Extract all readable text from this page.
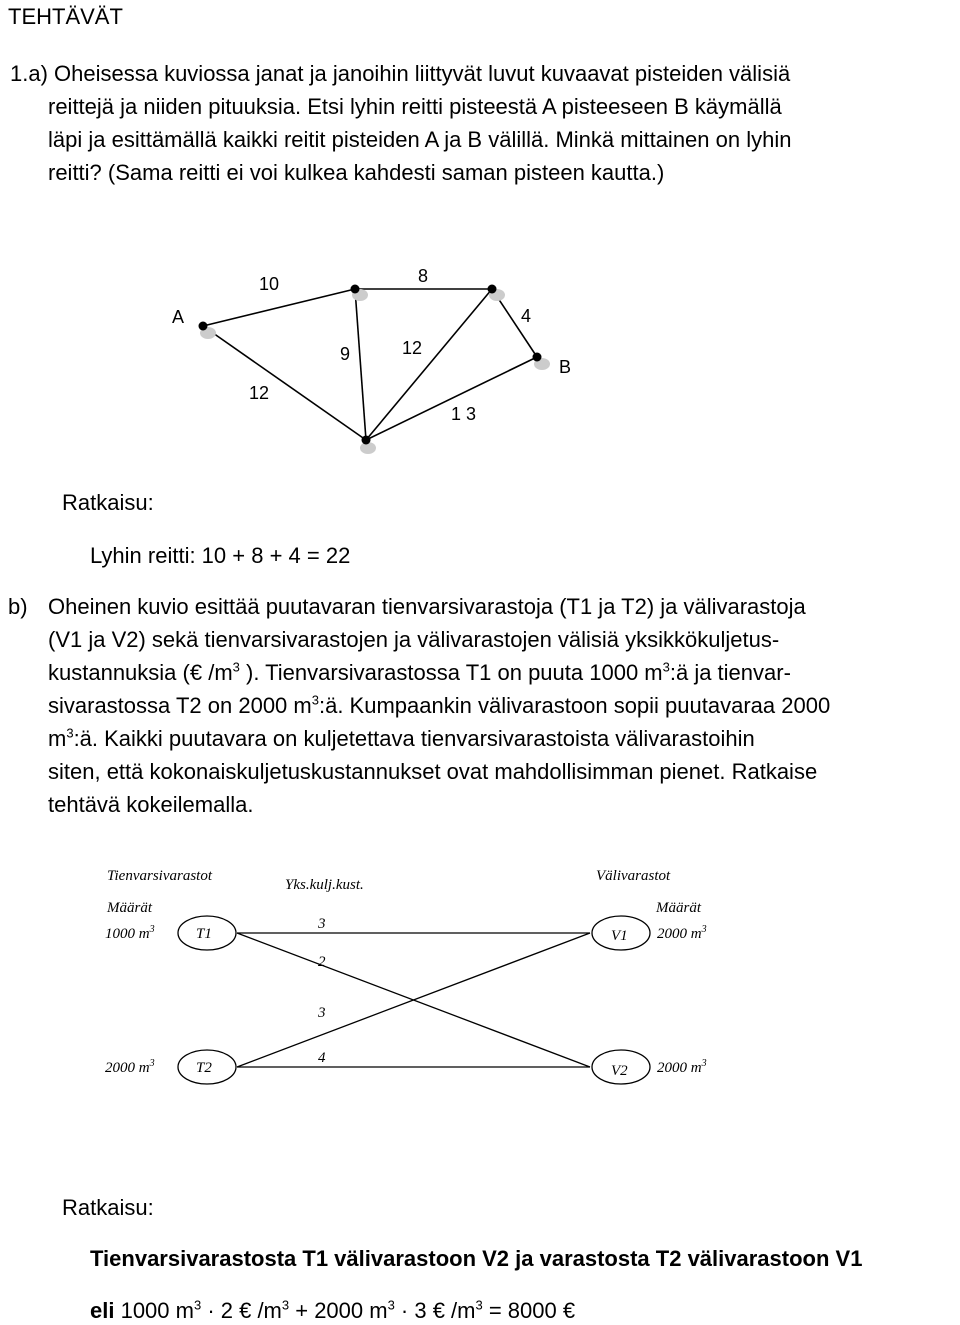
TEHTÄVÄT
1.a) Oheisessa kuviossa janat ja janoihin liittyvät luvut kuvaavat pisteiden välisiä
reittejä ja niiden pituuksia. Etsi lyhin reitti pisteestä A pisteeseen B käymällä
läpi ja esittämällä kaikki reitit pisteiden A ja B välillä. Minkä mittainen on lyhin
reitti? (Sama reitti ei voi kulkea kahdesti saman pisteen kautta.)
A
B
10	8
4
9	12
12
1 3
Ratkaisu:
Lyhin reitti: 10 + 8 + 4 = 22
b) Oheinen kuvio esittää puutavaran tienvarsivarastoja (T1 ja T2) ja välivarastoja
(V1 ja V2) sekä tienvarsivarastojen ja välivarastojen välisiä yksikkökuljetus-
kustannuksia (€ $/m^3$ ). Tienvarsivarastossa T1 on puuta 1000 $m^3:ä$ ja tienvar-
sivarastossa T2 on 2000 $m^3:ä$. Kumpaankin välivarastoon sopii puutavaraa 2000
$m^3:ä$. Kaikki puutavara on kuljetettava tienvarsivarastoista välivarastoihin
siten, että kokonaiskuljetuskustannukset ovat mahdollisimman pienet. Ratkaise
tehtävä kokeilemalla.
Tienvarsivarastot
Yks.kulj.kust.
Välivarastot
Määrät	Määrät
T1
T2
V1
V2
1000 $m^3$
2000 $m^3$
2000 $m^3$
2000 $m^3$
3
2
3
4
Ratkaisu:
Tienvarsivarastosta T1 välivarastoon V2 ja varastosta T2 välivarastoon V1
eli 1000 $m^3 \cdot 2$ € $/m^3 + 2000$ $m^3 \cdot 3$ € $/m^3 = 8000$ €
